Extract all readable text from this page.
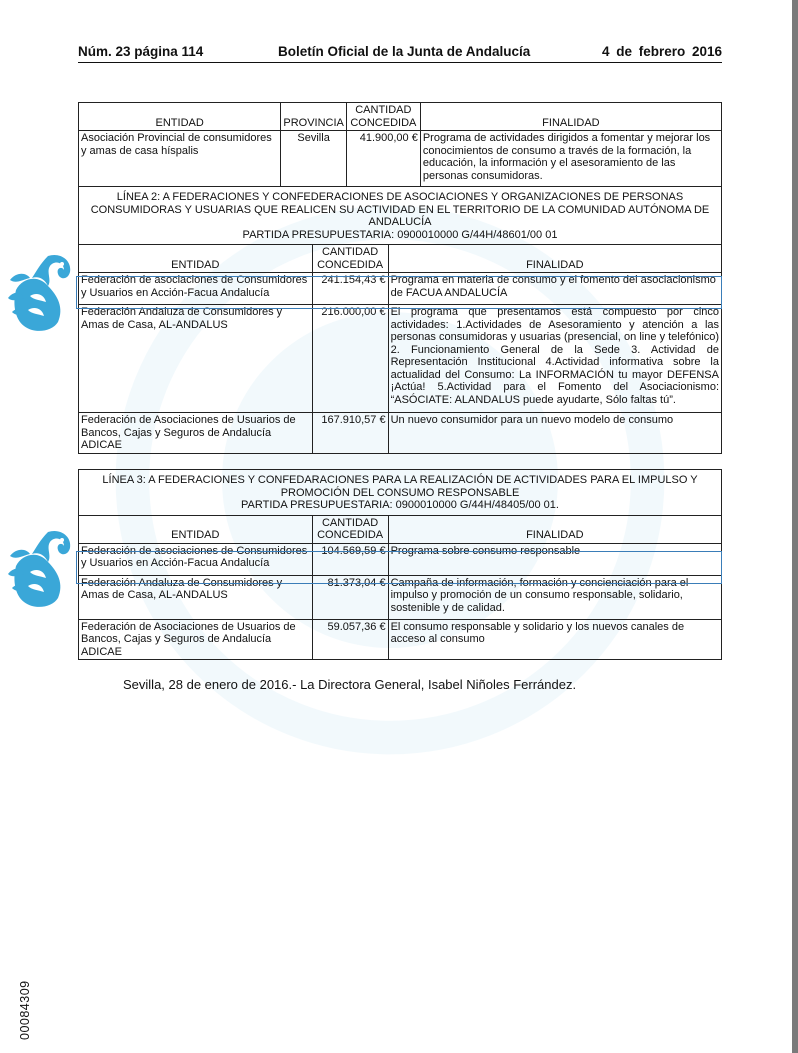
Núm. 23 página 114	Boletín Oficial de la Junta de Andalucía	4 de febrero 2016
ENTIDAD	PROVINCIA	CANTIDAD CONCEDIDA	FINALIDAD
Asociación Provincial de consumidores y amas de casa híspalis	Sevilla	41.900,00 €	Programa de actividades dirigidos a fomentar y mejorar los conocimientos de consumo a través de la formación, la educación, la información y el asesoramiento de las personas consumidoras.

LÍNEA 2: A FEDERACIONES Y CONFEDERACIONES DE ASOCIACIONES Y ORGANIZACIONES DE PERSONAS CONSUMIDORAS Y USUARIAS QUE REALICEN SU ACTIVIDAD EN EL TERRITORIO DE LA COMUNIDAD AUTÓNOMA DE ANDALUCÍA
PARTIDA PRESUPUESTARIA: 0900010000 G/44H/48601/00 01			
ENTIDAD	CANTIDAD CONCEDIDA	FINALIDAD
Federación de asociaciones de Consumidores y Usuarios en Acción-Facua Andalucía	241.154,43 €	Programa en materia de consumo y el fomento del asociacionismo de FACUA ANDALUCÍA
Federación Andaluza de Consumidores y Amas de Casa, AL-ANDALUS	216.000,00 €	El programa que presentamos está compuesto por cinco actividades: 1.Actividades de Asesoramiento y atención a las personas consumidoras y usuarias (presencial, on line y telefónico) 2. Funcionamiento General de la Sede 3. Actividad de Representación Institucional 4.Actividad informativa sobre la actualidad del Consumo: La INFORMACIÓN tu mayor DEFENSA ¡Actúa! 5.Actividad para el Fomento del Asociacionismo: “ASÓCIATE: ALANDALUS puede ayudarte, Sólo faltas tú”.
Federación de Asociaciones de Usuarios de Bancos, Cajas y Seguros de Andalucía ADICAE	167.910,57 €	Un nuevo consumidor para un nuevo modelo de consumo
LÍNEA 3: A FEDERACIONES Y CONFEDARACIONES PARA LA REALIZACIÓN DE ACTIVIDADES PARA EL IMPULSO Y PROMOCIÓN DEL CONSUMO RESPONSABLE
PARTIDA PRESUPUESTARIA: 0900010000 G/44H/48405/00 01.		

ENTIDAD	CANTIDAD CONCEDIDA	FINALIDAD
Federación de asociaciones de Consumidores y Usuarios en Acción-Facua Andalucía	104.569,59 €	Programa sobre consumo responsable
Federación Andaluza de Consumidores y Amas de Casa, AL-ANDALUS	81.373,04 €	Campaña de información, formación y concienciación para el impulso y promoción de un consumo responsable, solidario, sostenible y de calidad.
Federación de Asociaciones de Usuarios de Bancos, Cajas y Seguros de Andalucía ADICAE	59.057,36 €	El consumo responsable y solidario y los nuevos canales de acceso al consumo
Sevilla, 28 de enero de 2016.- La Directora General, Isabel Niñoles Ferrández.
00084309
